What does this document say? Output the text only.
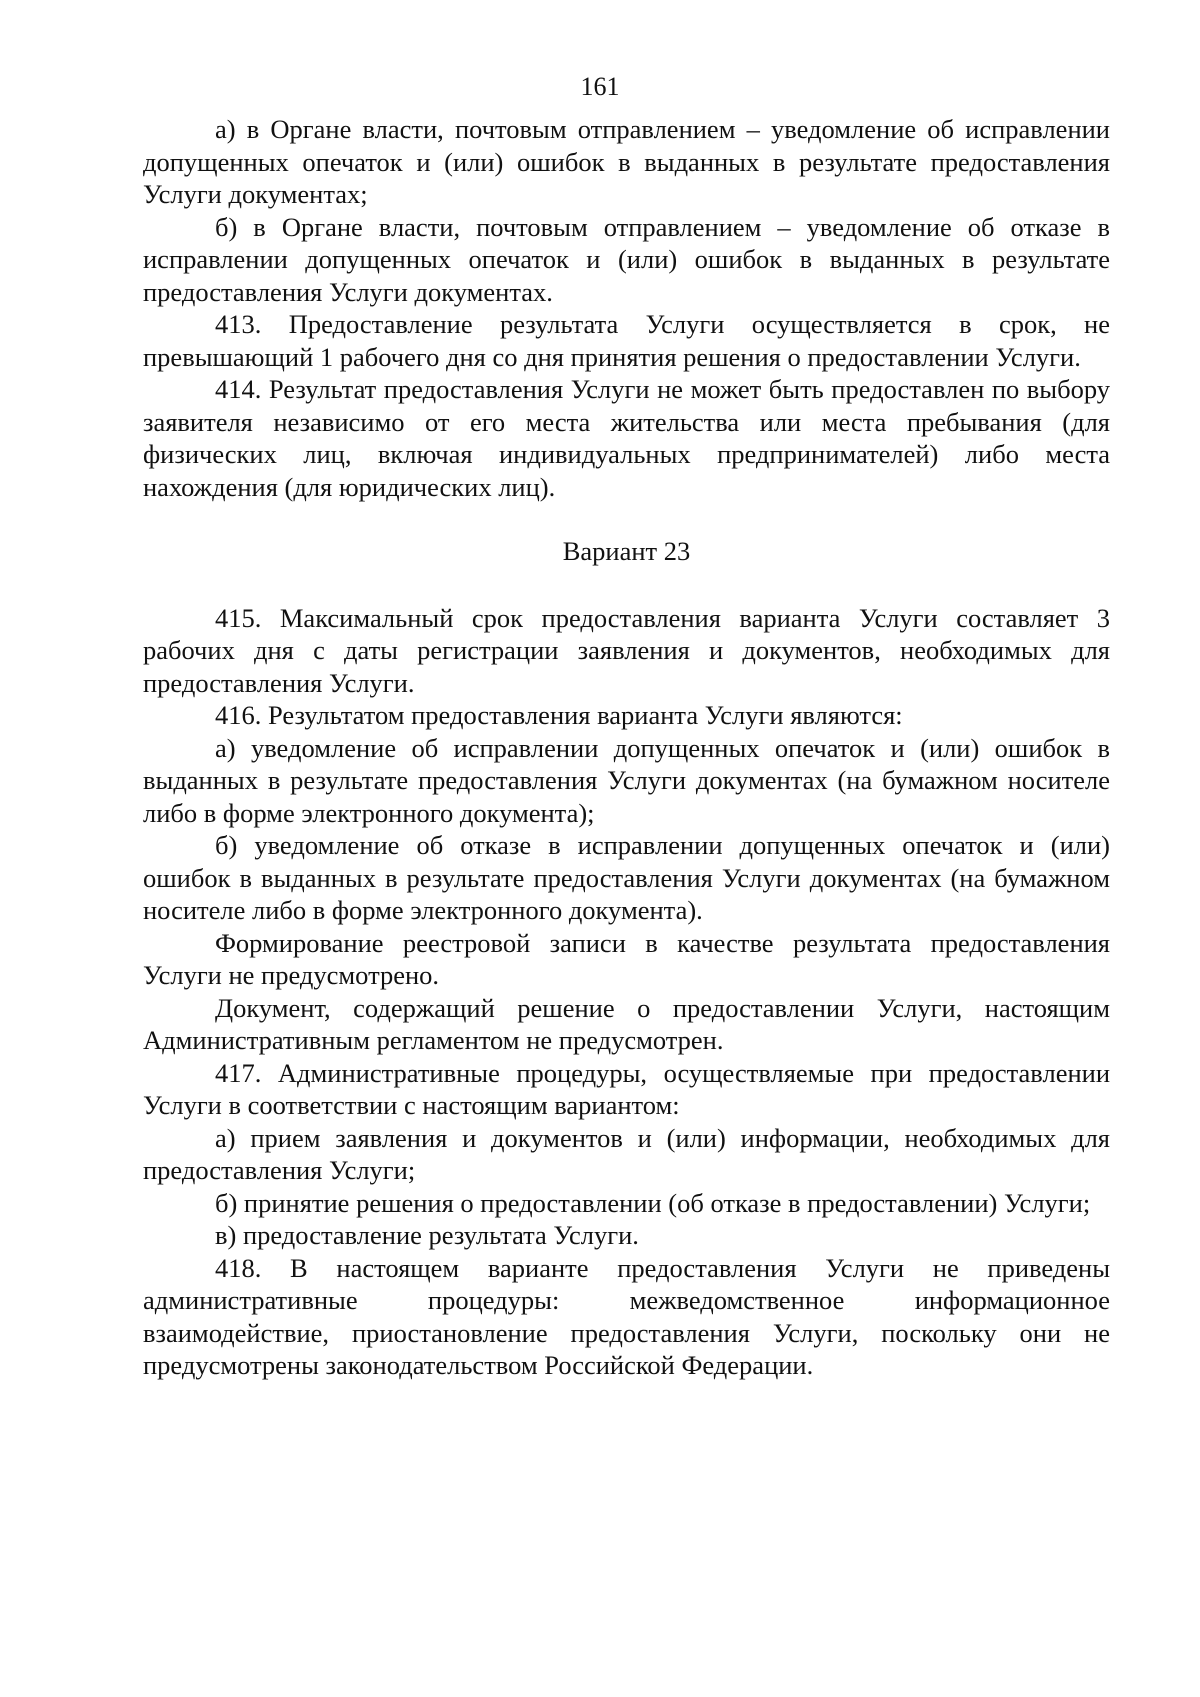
161

а) в Органе власти, почтовым отправлением – уведомление об исправлении допущенных опечаток и (или) ошибок в выданных в результате предоставления Услуги документах;

б) в Органе власти, почтовым отправлением – уведомление об отказе в исправлении допущенных опечаток и (или) ошибок в выданных в результате предоставления Услуги документах.

413. Предоставление результата Услуги осуществляется в срок, не превышающий 1 рабочего дня со дня принятия решения о предоставлении Услуги.

414. Результат предоставления Услуги не может быть предоставлен по выбору заявителя независимо от его места жительства или места пребывания (для физических лиц, включая индивидуальных предпринимателей) либо места нахождения (для юридических лиц).

Вариант 23

415. Максимальный срок предоставления варианта Услуги составляет 3 рабочих дня с даты регистрации заявления и документов, необходимых для предоставления Услуги.

416. Результатом предоставления варианта Услуги являются:

а) уведомление об исправлении допущенных опечаток и (или) ошибок в выданных в результате предоставления Услуги документах (на бумажном носителе либо в форме электронного документа);

б) уведомление об отказе в исправлении допущенных опечаток и (или) ошибок в выданных в результате предоставления Услуги документах (на бумажном носителе либо в форме электронного документа).

Формирование реестровой записи в качестве результата предоставления Услуги не предусмотрено.

Документ, содержащий решение о предоставлении Услуги, настоящим Административным регламентом не предусмотрен.

417. Административные процедуры, осуществляемые при предоставлении Услуги в соответствии с настоящим вариантом:

а) прием заявления и документов и (или) информации, необходимых для предоставления Услуги;

б) принятие решения о предоставлении (об отказе в предоставлении) Услуги;

в) предоставление результата Услуги.

418. В настоящем варианте предоставления Услуги не приведены административные процедуры: межведомственное информационное взаимодействие, приостановление предоставления Услуги, поскольку они не предусмотрены законодательством Российской Федерации.
